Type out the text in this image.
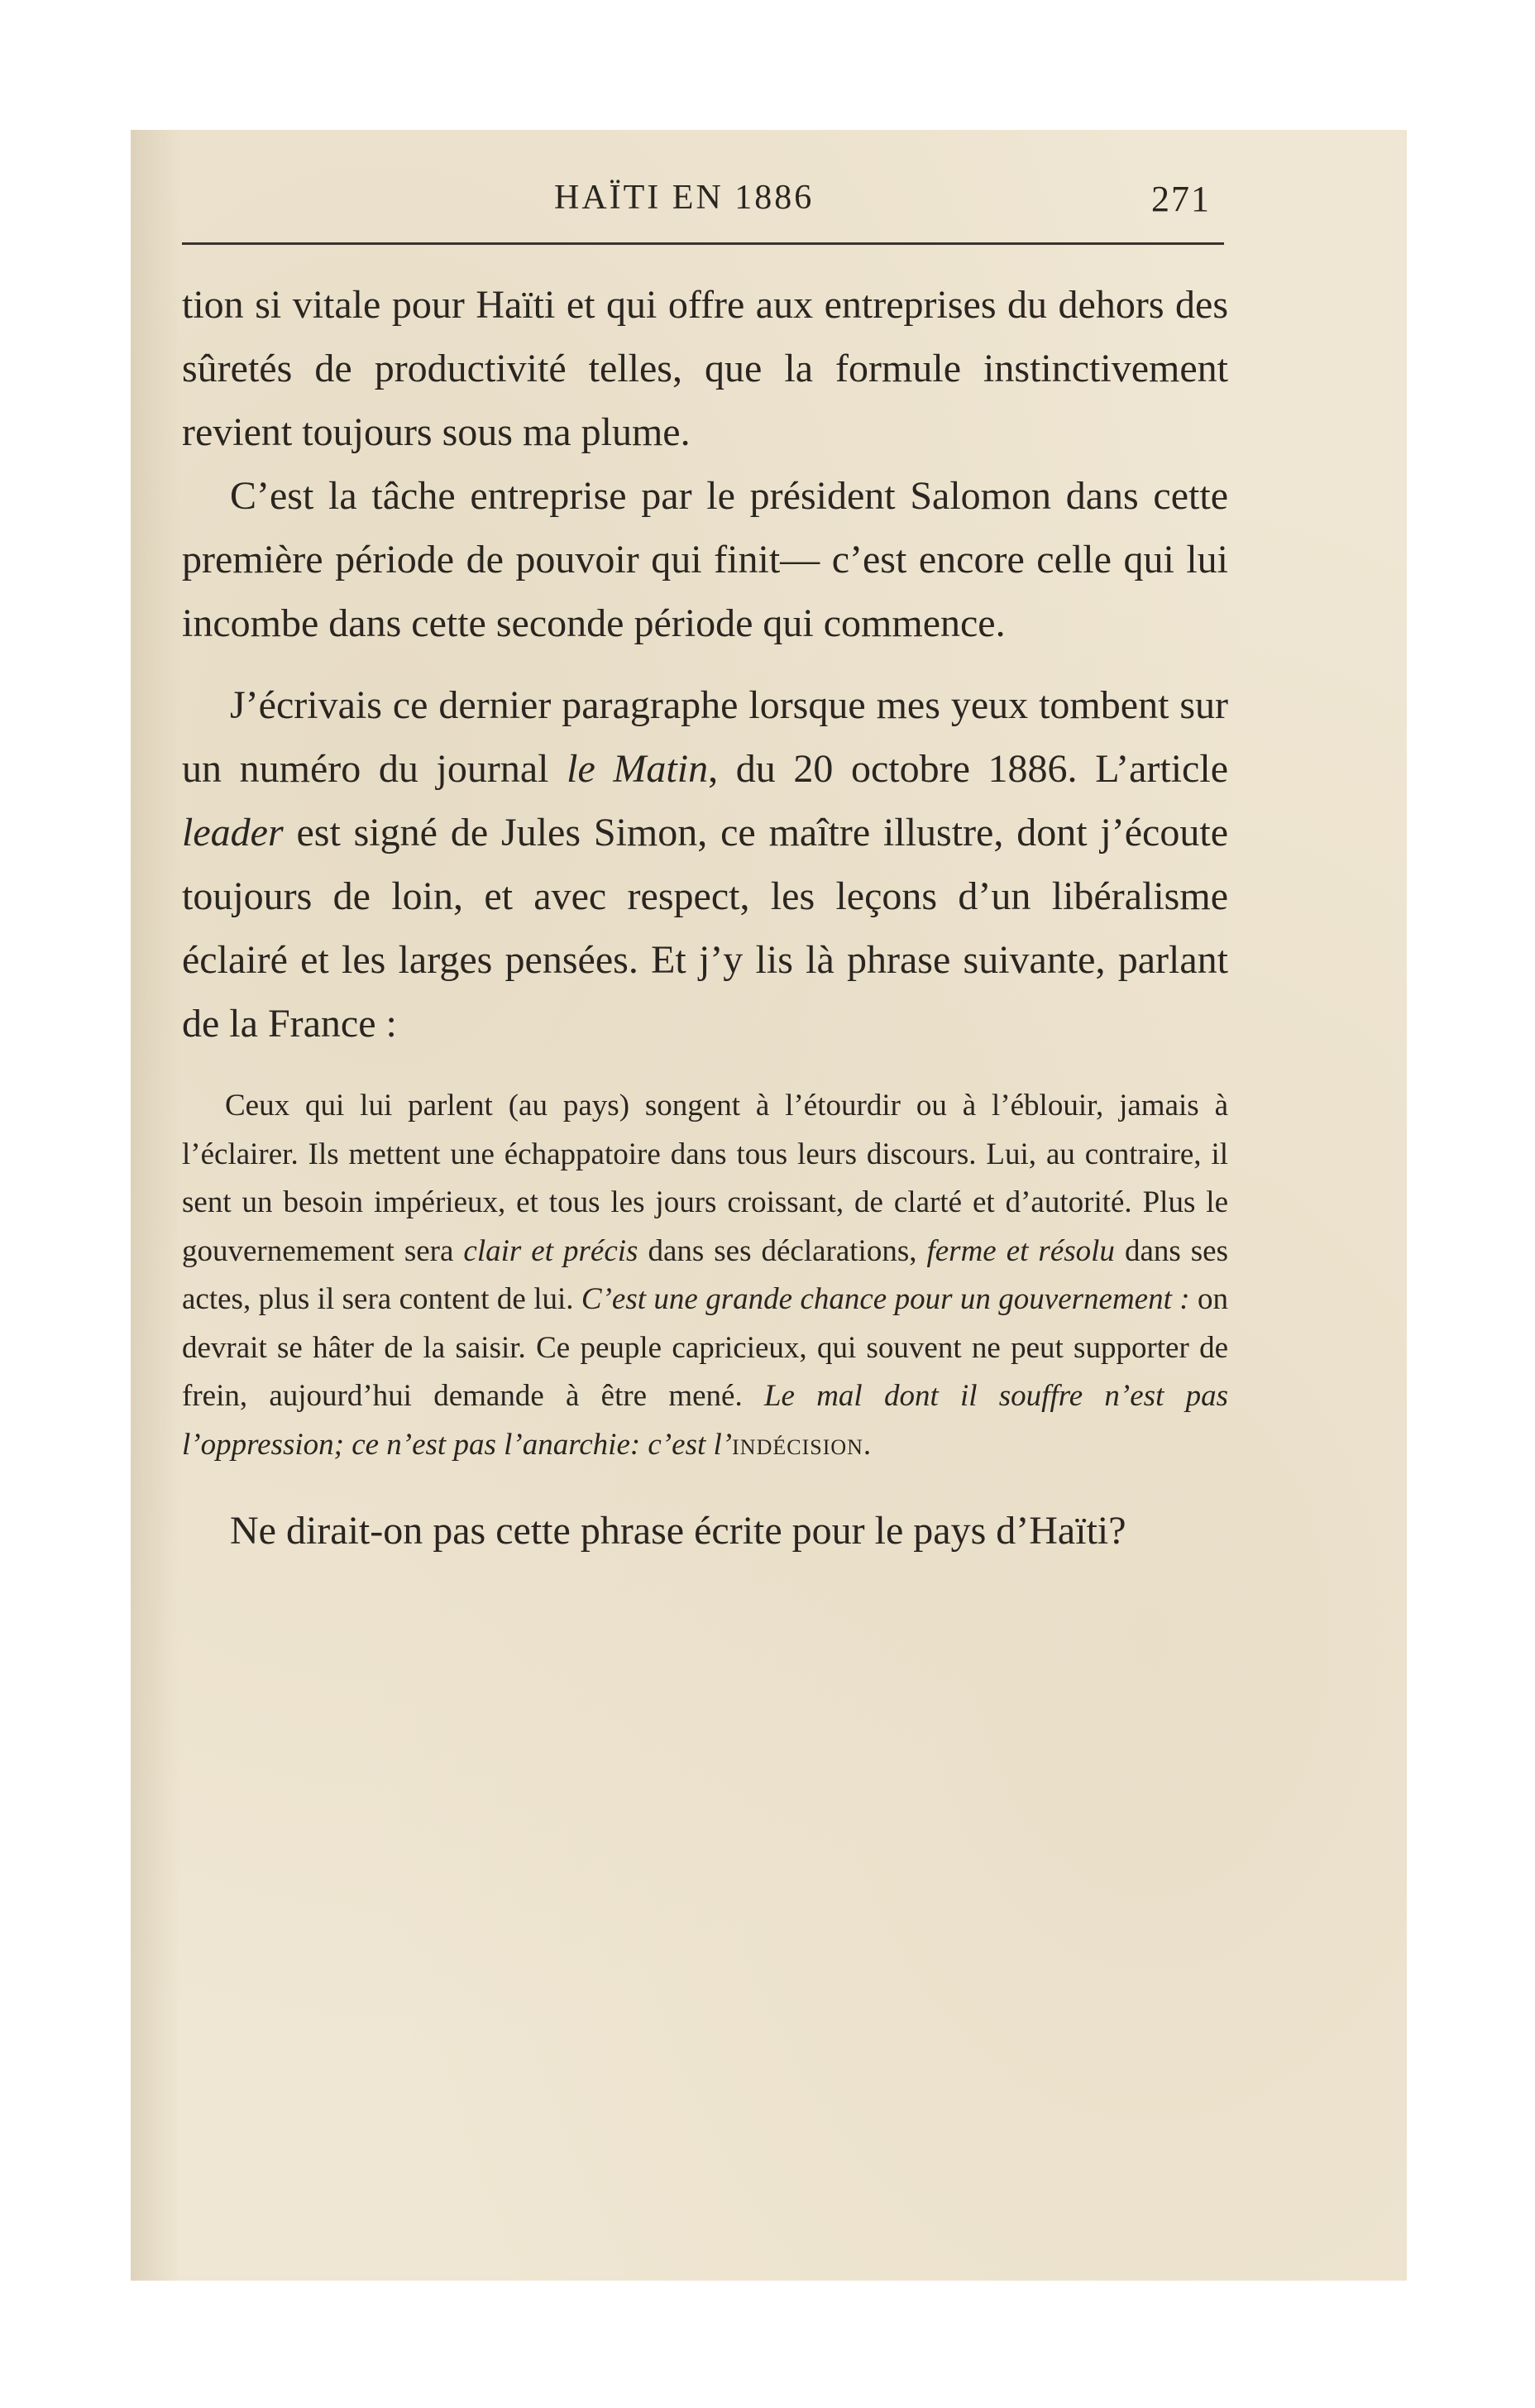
HAÏTI EN 1886	271

tion si vitale pour Haïti et qui offre aux entreprises du dehors des sûretés de productivité telles, que la formule instinctivement revient toujours sous ma plume.

C’est la tâche entreprise par le président Salomon dans cette première période de pouvoir qui finit— c’est encore celle qui lui incombe dans cette seconde période qui commence.

J’écrivais ce dernier paragraphe lorsque mes yeux tombent sur un numéro du journal le Matin, du 20 octobre 1886. L’article leader est signé de Jules Simon, ce maître illustre, dont j’écoute toujours de loin, et avec respect, les leçons d’un libéralisme éclairé et les larges pensées. Et j’y lis là phrase suivante, parlant de la France :

Ceux qui lui parlent (au pays) songent à l’étourdir ou à l’éblouir, jamais à l’éclairer. Ils mettent une échappatoire dans tous leurs discours. Lui, au contraire, il sent un besoin impérieux, et tous les jours croissant, de clarté et d’autorité. Plus le gouvernemement sera clair et précis dans ses déclarations, ferme et résolu dans ses actes, plus il sera content de lui. C’est une grande chance pour un gouvernement : on devrait se hâter de la saisir. Ce peuple capricieux, qui souvent ne peut supporter de frein, aujourd’hui demande à être mené. Le mal dont il souffre n’est pas l’oppression; ce n’est pas l’anarchie: c’est l’indécision.

Ne dirait-on pas cette phrase écrite pour le pays d’Haïti?
